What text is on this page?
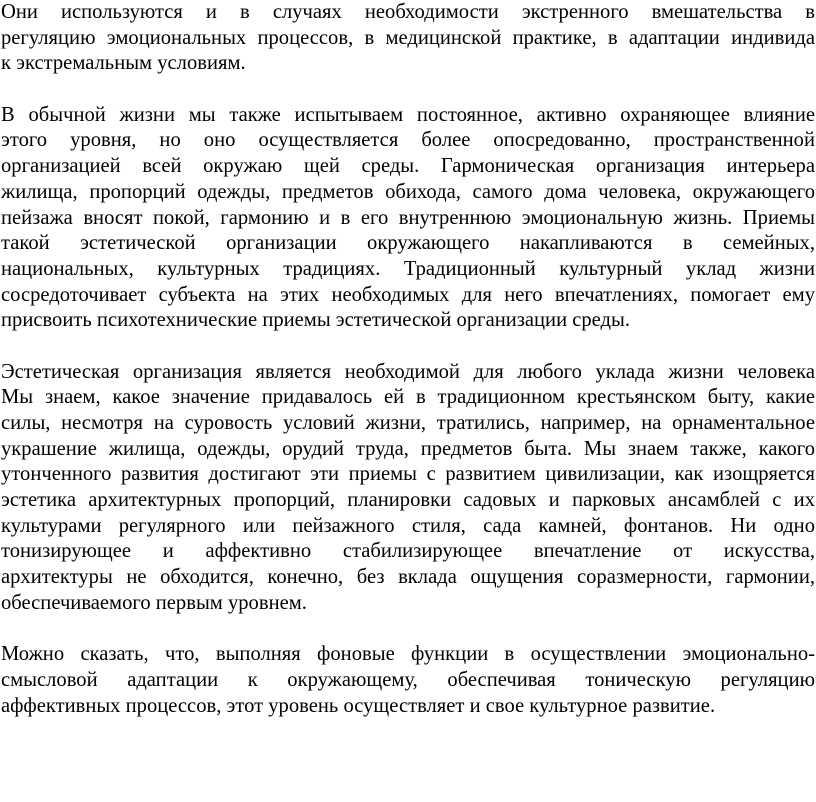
Они используются и в случаях необходимости экстренного вмешательства в
регуляцию эмоциональных процессов, в медицинской практике, в адаптации индивида
к экстремальным условиям.
В обычной жизни мы также испытываем постоянное, активно охраняющее влияние
этого уровня, но оно осуществляется более опосредованно, пространственной
организацией всей окружаю щей среды. Гармоническая организация интерьера
жилища, пропорций одежды, предметов обихода, самого дома человека, окружающего
пейзажа вносят покой, гармонию и в его внутреннюю эмоциональную жизнь. Приемы
такой эстетической организации окружающего накапливаются в семейных,
национальных, культурных традициях. Традиционный культурный уклад жизни
сосредоточивает субъекта на этих необходимых для него впечатлениях, помогает ему
присвоить психотехнические приемы эстетической организации среды.
Эстетическая организация является необходимой для любого уклада жизни человека
Мы знаем, какое значение придавалось ей в традиционном крестьянском быту, какие
силы, несмотря на суровость условий жизни, тратились, например, на орнаментальное
украшение жилища, одежды, орудий труда, предметов быта. Мы знаем также, какого
утонченного развития достигают эти приемы с развитием цивилизации, как изощряется
эстетика архитектурных пропорций, планировки садовых и парковых ансамблей с их
культурами регулярного или пейзажного стиля, сада камней, фонтанов. Ни одно
тонизирующее и аффективно стабилизирующее впечатление от искусства,
архитектуры не обходится, конечно, без вклада ощущения соразмерности, гармонии,
обеспечиваемого первым уровнем.
Можно сказать, что, выполняя фоновые функции в осуществлении эмоционально-
смысловой адаптации к окружающему, обеспечивая тоническую регуляцию
аффективных процессов, этот уровень осуществляет и свое культурное развитие.
